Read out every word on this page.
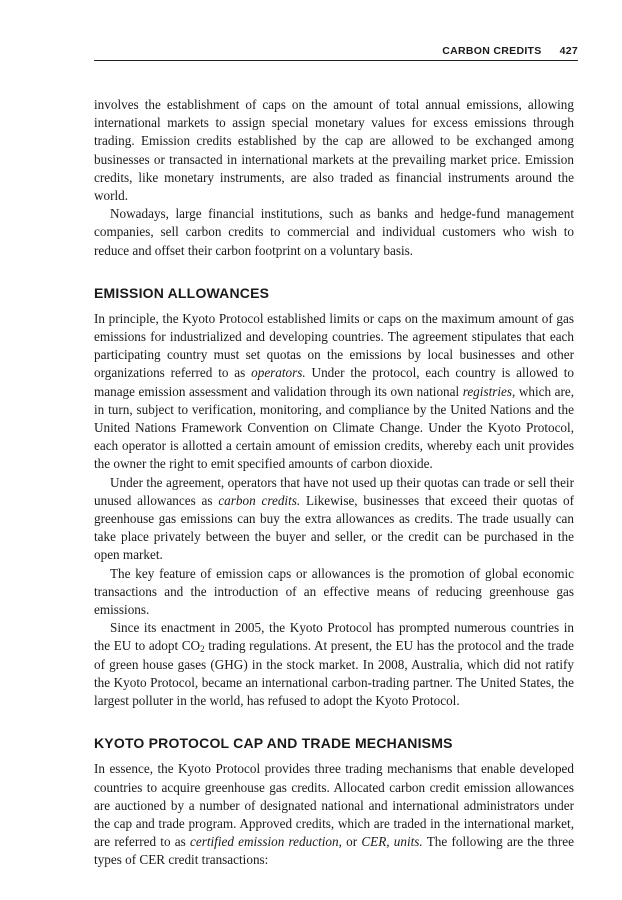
CARBON CREDITS 427

involves the establishment of caps on the amount of total annual emissions, allowing international markets to assign special monetary values for excess emissions through trading. Emission credits established by the cap are allowed to be exchanged among businesses or transacted in international markets at the prevailing market price. Emission credits, like monetary instruments, are also traded as financial instruments around the world.

Nowadays, large financial institutions, such as banks and hedge-fund management companies, sell carbon credits to commercial and individual customers who wish to reduce and offset their carbon footprint on a voluntary basis.

EMISSION ALLOWANCES

In principle, the Kyoto Protocol established limits or caps on the maximum amount of gas emissions for industrialized and developing countries. The agreement stipulates that each participating country must set quotas on the emissions by local businesses and other organizations referred to as operators. Under the protocol, each country is allowed to manage emission assessment and validation through its own national registries, which are, in turn, subject to verification, monitoring, and compliance by the United Nations and the United Nations Framework Convention on Climate Change. Under the Kyoto Protocol, each operator is allotted a certain amount of emission credits, whereby each unit provides the owner the right to emit specified amounts of carbon dioxide.

Under the agreement, operators that have not used up their quotas can trade or sell their unused allowances as carbon credits. Likewise, businesses that exceed their quotas of greenhouse gas emissions can buy the extra allowances as credits. The trade usually can take place privately between the buyer and seller, or the credit can be purchased in the open market.

The key feature of emission caps or allowances is the promotion of global economic transactions and the introduction of an effective means of reducing greenhouse gas emissions.

Since its enactment in 2005, the Kyoto Protocol has prompted numerous countries in the EU to adopt $CO_2$ trading regulations. At present, the EU has the protocol and the trade of green house gases (GHG) in the stock market. In 2008, Australia, which did not ratify the Kyoto Protocol, became an international carbon-trading partner. The United States, the largest polluter in the world, has refused to adopt the Kyoto Protocol.

KYOTO PROTOCOL CAP AND TRADE MECHANISMS

In essence, the Kyoto Protocol provides three trading mechanisms that enable developed countries to acquire greenhouse gas credits. Allocated carbon credit emission allowances are auctioned by a number of designated national and international administrators under the cap and trade program. Approved credits, which are traded in the international market, are referred to as certified emission reduction, or CER, units. The following are the three types of CER credit transactions:
